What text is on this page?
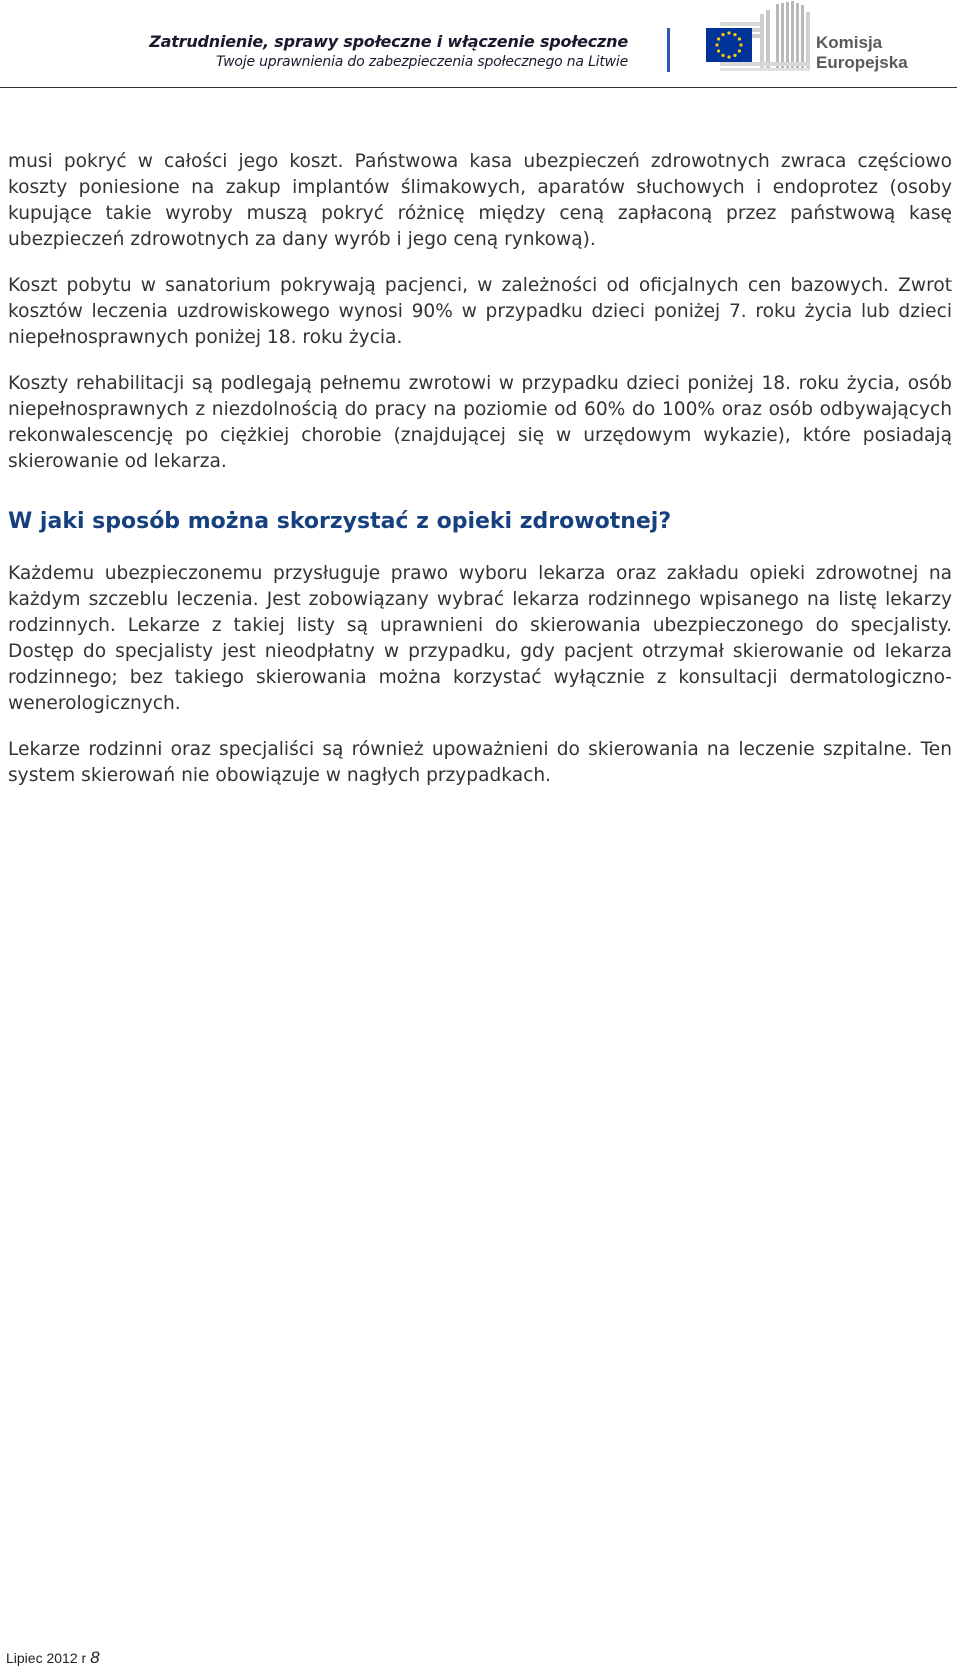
Zatrudnienie, sprawy społeczne i włączenie społeczne
Twoje uprawnienia do zabezpieczenia społecznego na Litwie
Komisja
Europejska

musi pokryć w całości jego koszt. Państwowa kasa ubezpieczeń zdrowotnych zwraca częściowo koszty poniesione na zakup implantów ślimakowych, aparatów słuchowych i endoprotez (osoby kupujące takie wyroby muszą pokryć różnicę między ceną zapłaconą przez państwową kasę ubezpieczeń zdrowotnych za dany wyrób i jego ceną rynkową).

Koszt pobytu w sanatorium pokrywają pacjenci, w zależności od oficjalnych cen bazowych. Zwrot kosztów leczenia uzdrowiskowego wynosi 90% w przypadku dzieci poniżej 7. roku życia lub dzieci niepełnosprawnych poniżej 18. roku życia.

Koszty rehabilitacji są podlegają pełnemu zwrotowi w przypadku dzieci poniżej 18. roku życia, osób niepełnosprawnych z niezdolnością do pracy na poziomie od 60% do 100% oraz osób odbywających rekonwalescencję po ciężkiej chorobie (znajdującej się w urzędowym wykazie), które posiadają skierowanie od lekarza.

W jaki sposób można skorzystać z opieki zdrowotnej?

Każdemu ubezpieczonemu przysługuje prawo wyboru lekarza oraz zakładu opieki zdrowotnej na każdym szczeblu leczenia. Jest zobowiązany wybrać lekarza rodzinnego wpisanego na listę lekarzy rodzinnych. Lekarze z takiej listy są uprawnieni do skierowania ubezpieczonego do specjalisty. Dostęp do specjalisty jest nieodpłatny w przypadku, gdy pacjent otrzymał skierowanie od lekarza rodzinnego; bez takiego skierowania można korzystać wyłącznie z konsultacji dermatologiczno-wenerologicznych.

Lekarze rodzinni oraz specjaliści są również upoważnieni do skierowania na leczenie szpitalne. Ten system skierowań nie obowiązuje w nagłych przypadkach.

Lipiec 2012 r 8
